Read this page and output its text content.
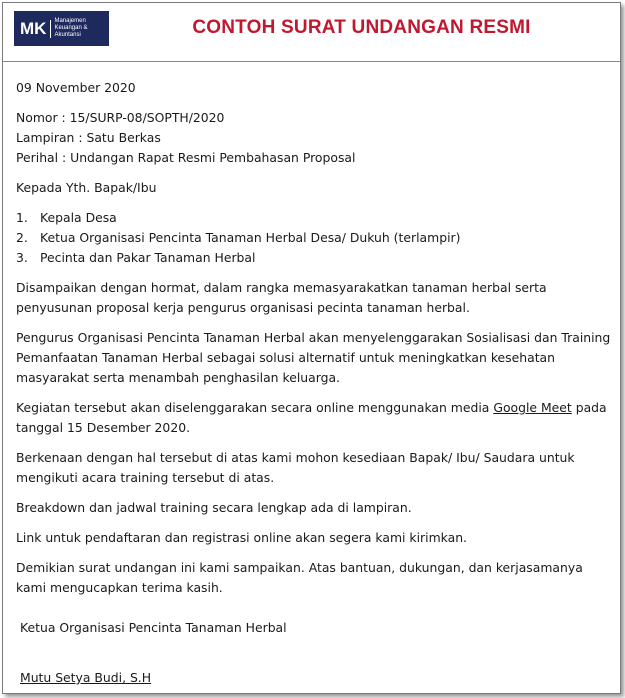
MK	Manajemen
Keuangan &
Akuntansi	CONTOH SURAT UNDANGAN RESMI

09 November 2020

Nomor : 15/SURP-08/SOPTH/2020

Lampiran : Satu Berkas

Perihal : Undangan Rapat Resmi Pembahasan Proposal

Kepada Yth. Bapak/Ibu

1. Kepala Desa
2. Ketua Organisasi Pencinta Tanaman Herbal Desa/ Dukuh (terlampir)
3. Pecinta dan Pakar Tanaman Herbal

Disampaikan dengan hormat, dalam rangka memasyarakatkan tanaman herbal serta penyusunan proposal kerja pengurus organisasi pecinta tanaman herbal.

Pengurus Organisasi Pencinta Tanaman Herbal akan menyelenggarakan Sosialisasi dan Training Pemanfaatan Tanaman Herbal sebagai solusi alternatif untuk meningkatkan kesehatan masyarakat serta menambah penghasilan keluarga.

Kegiatan tersebut akan diselenggarakan secara online menggunakan media Google Meet pada tanggal 15 Desember 2020.

Berkenaan dengan hal tersebut di atas kami mohon kesediaan Bapak/ Ibu/ Saudara untuk mengikuti acara training tersebut di atas.

Breakdown dan jadwal training secara lengkap ada di lampiran.

Link untuk pendaftaran dan registrasi online akan segera kami kirimkan.

Demikian surat undangan ini kami sampaikan. Atas bantuan, dukungan, dan kerjasamanya kami mengucapkan terima kasih.

Ketua Organisasi Pencinta Tanaman Herbal

Mutu Setya Budi, S.H
